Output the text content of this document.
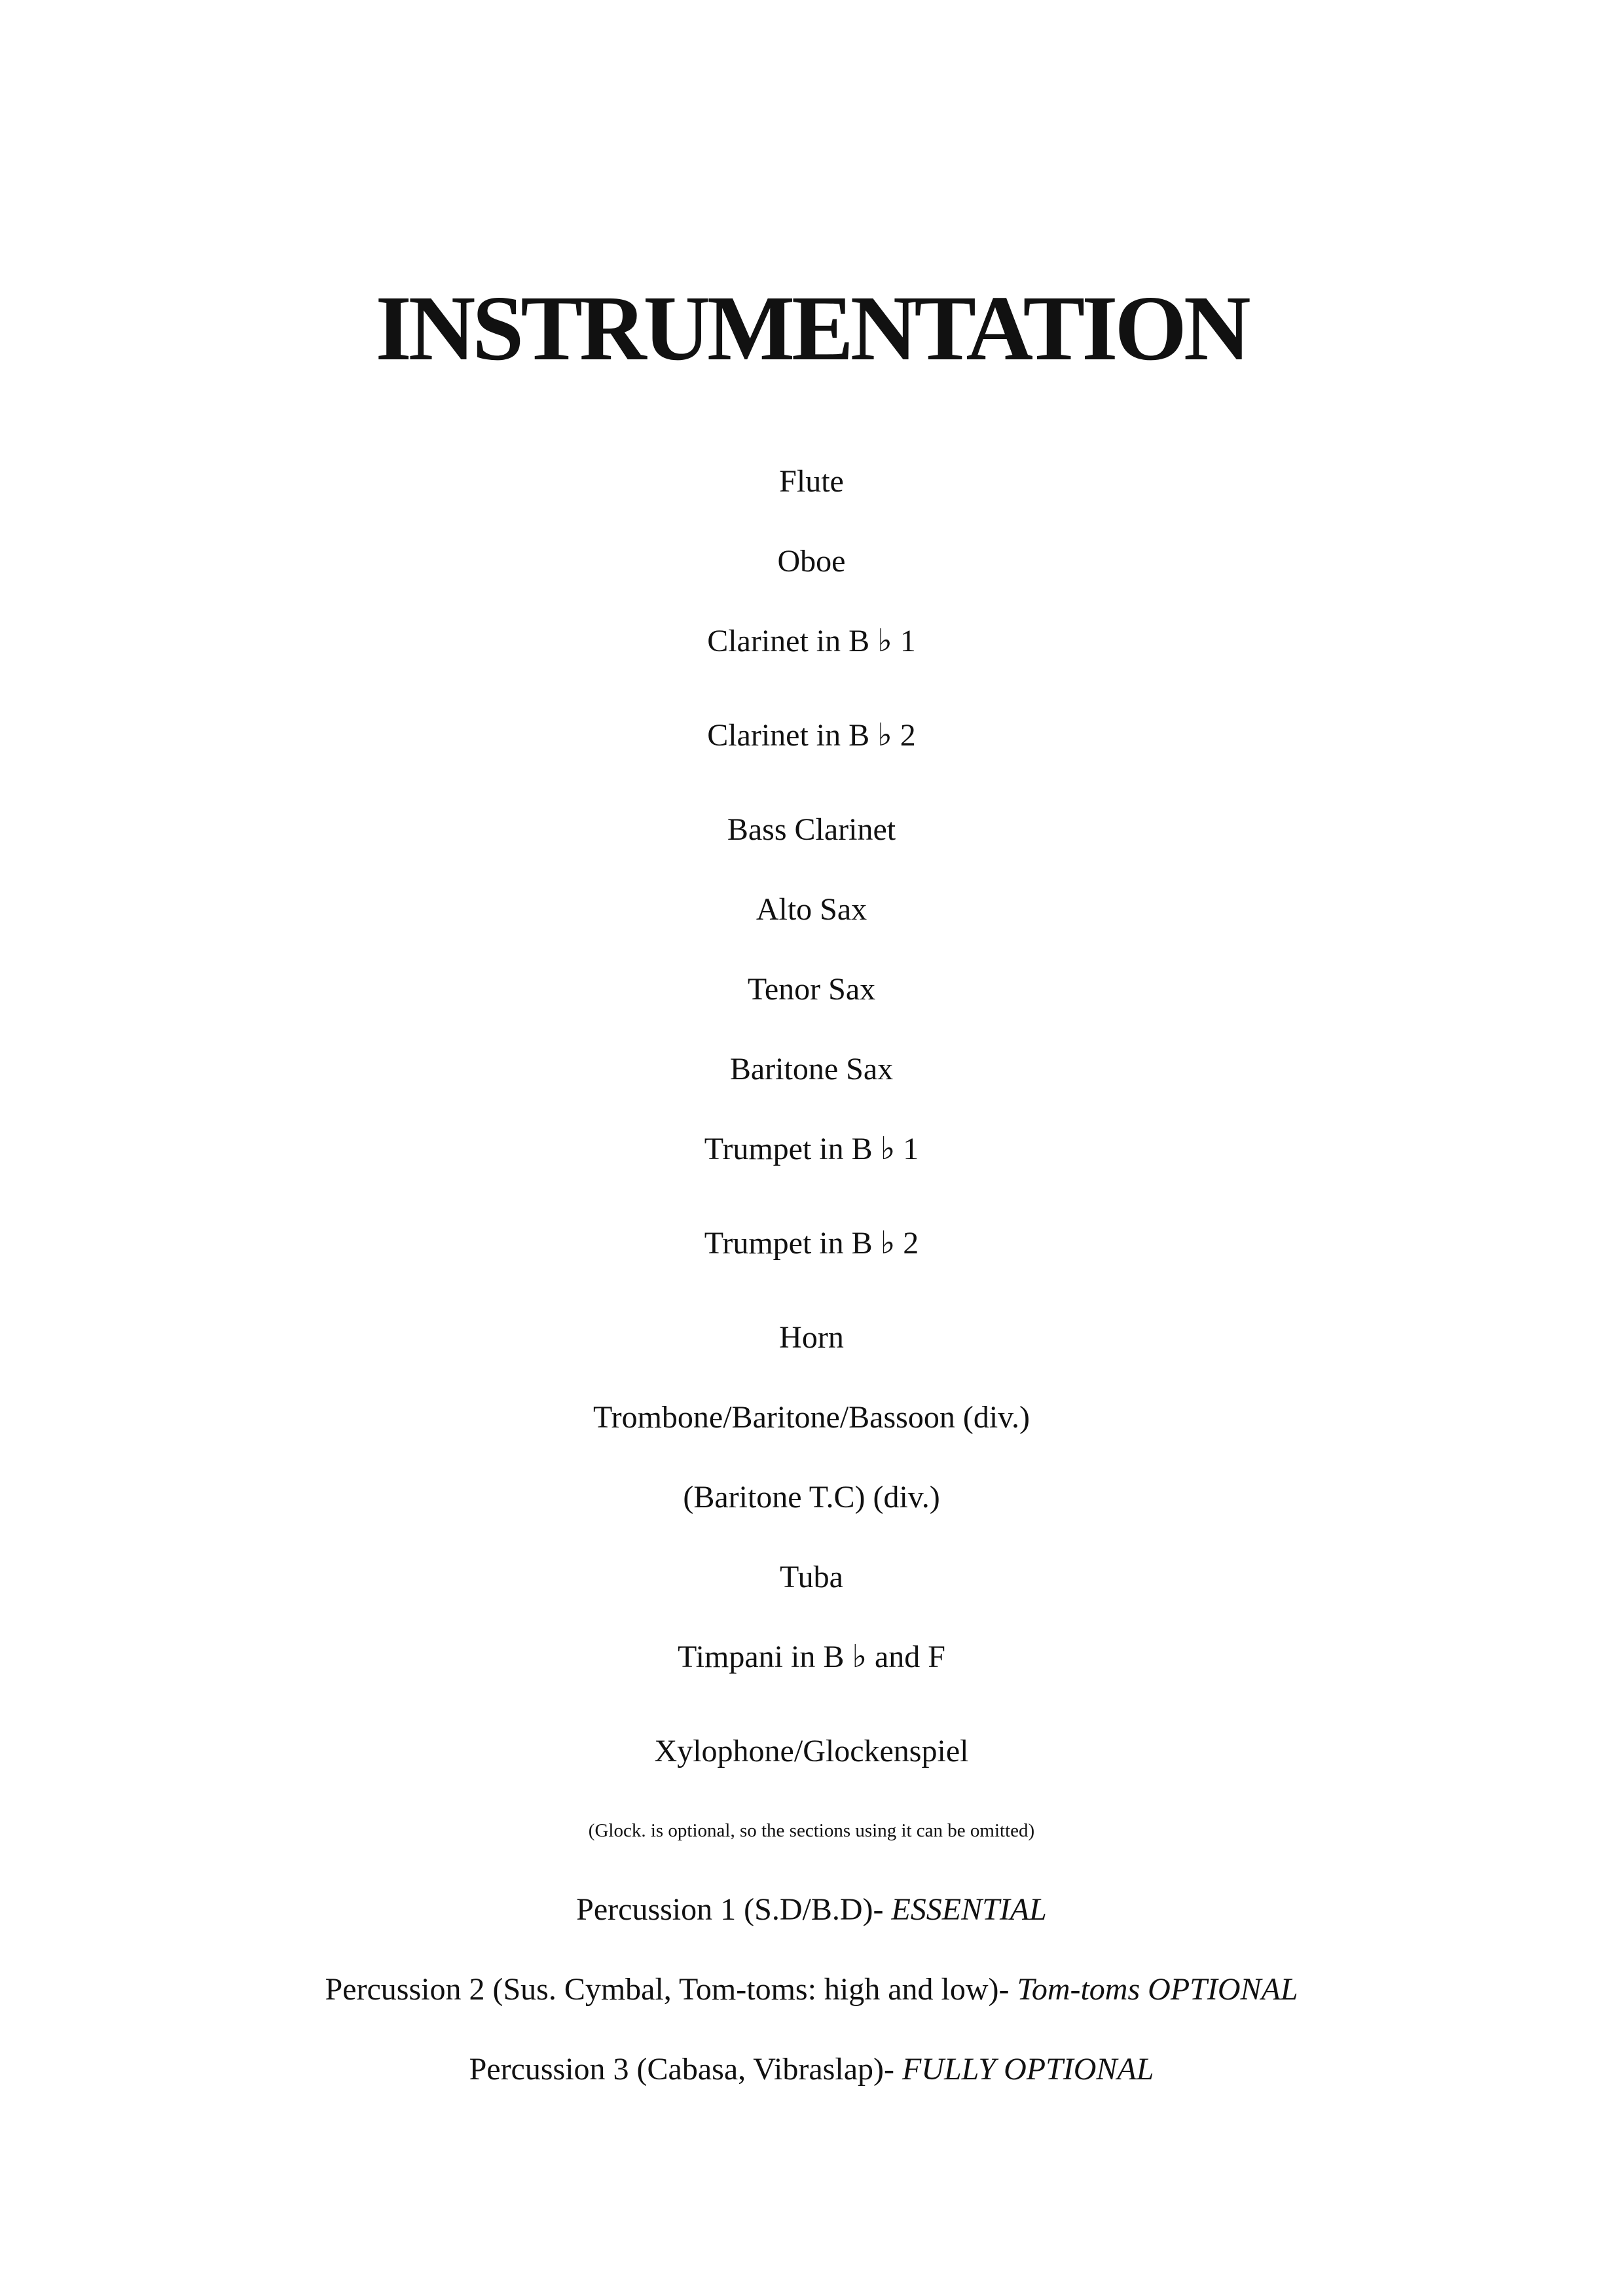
INSTRUMENTATION
Flute
Oboe
Clarinet in B ♭ 1
Clarinet in B ♭ 2
Bass Clarinet
Alto Sax
Tenor Sax
Baritone Sax
Trumpet in B ♭ 1
Trumpet in B ♭ 2
Horn
Trombone/Baritone/Bassoon (div.)
(Baritone T.C) (div.)
Tuba
Timpani in B ♭ and F
Xylophone/Glockenspiel
(Glock. is optional, so the sections using it can be omitted)
Percussion 1 (S.D/B.D)- ESSENTIAL
Percussion 2 (Sus. Cymbal, Tom-toms: high and low)- Tom-toms OPTIONAL
Percussion 3 (Cabasa, Vibraslap)- FULLY OPTIONAL
